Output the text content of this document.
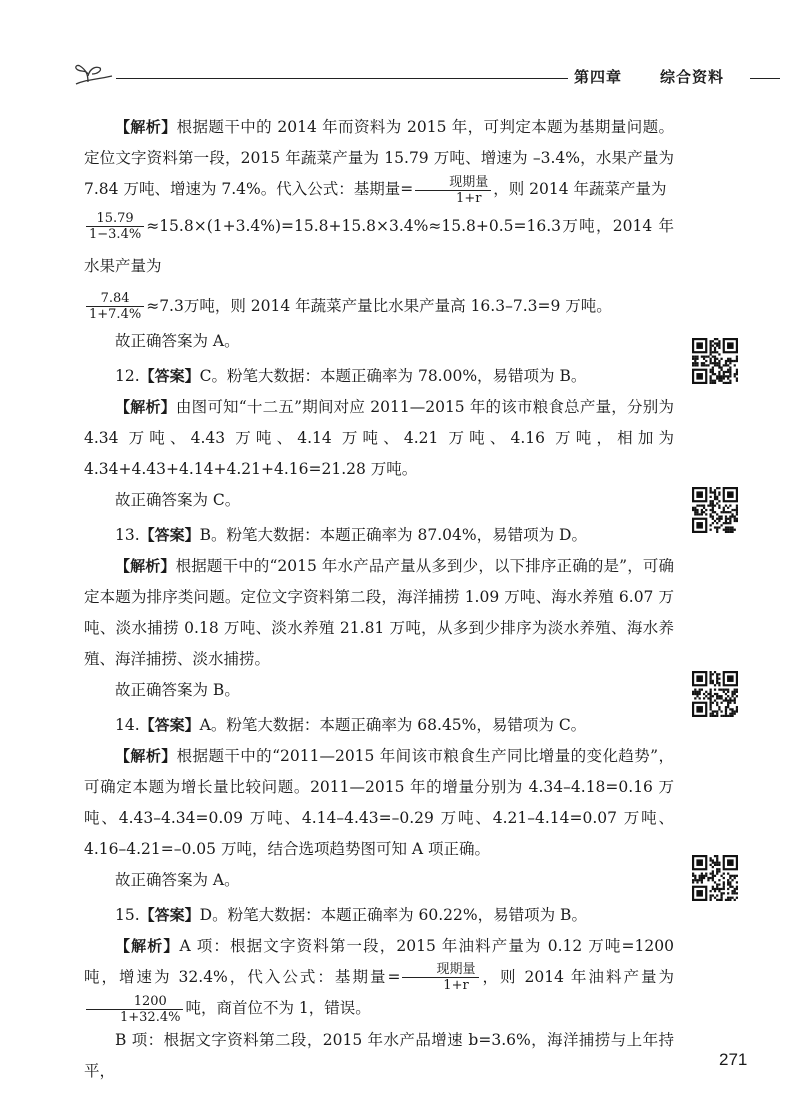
第四章	综合资料

【解析】根据题干中的 2014 年而资料为 2015 年，可判定本题为基期量问题。定位文字资料第一段，2015 年蔬菜产量为 15.79 万吨、增速为 –3.4%，水果产量为 7.84 万吨、增速为 7.4%。代入公式：基期量= $\frac{\text{现期量}}{1+r}$ ，则 2014 年蔬菜产量为

$\frac{15.79}{1-3.4\%} \approx 15.8\times(1+3.4\%)=15.8+15.8\times 3.4\%\approx 15.8+0.5=16.3$万吨，2014 年水果产量为

$\frac{7.84}{1+7.4\%} \approx 7.3$万吨，则 2014 年蔬菜产量比水果产量高 16.3–7.3=9 万吨。

故正确答案为 A。

12.【答案】C。粉笔大数据：本题正确率为 78.00%，易错项为 B。

【解析】由图可知“十二五”期间对应 2011—2015 年的该市粮食总产量，分别为 4.34 万吨、4.43 万吨、4.14 万吨、4.21 万吨、4.16 万吨，相加为 4.34+4.43+4.14+4.21+4.16=21.28 万吨。

故正确答案为 C。

13.【答案】B。粉笔大数据：本题正确率为 87.04%，易错项为 D。

【解析】根据题干中的“2015 年水产品产量从多到少，以下排序正确的是”，可确定本题为排序类问题。定位文字资料第二段，海洋捕捞 1.09 万吨、海水养殖 6.07 万吨、淡水捕捞 0.18 万吨、淡水养殖 21.81 万吨，从多到少排序为淡水养殖、海水养殖、海洋捕捞、淡水捕捞。

故正确答案为 B。

14.【答案】A。粉笔大数据：本题正确率为 68.45%，易错项为 C。

【解析】根据题干中的“2011—2015 年间该市粮食生产同比增量的变化趋势”，可确定本题为增长量比较问题。2011—2015 年的增量分别为 4.34–4.18=0.16 万吨、4.43–4.34=0.09 万吨、4.14–4.43=–0.29 万吨、4.21–4.14=0.07 万吨、4.16–4.21=–0.05 万吨，结合选项趋势图可知 A 项正确。

故正确答案为 A。

15.【答案】D。粉笔大数据：本题正确率为 60.22%，易错项为 B。

【解析】A 项：根据文字资料第一段，2015 年油料产量为 0.12 万吨=1200 吨，增速为 32.4%，代入公式：基期量= $\frac{\text{现期量}}{1+r}$ ，则 2014 年油料产量为
$\frac{1200}{1+32.4\%}$ 吨，商首位不为 1，错误。

B 项：根据文字资料第二段，2015 年水产品增速 b=3.6%，海洋捕捞与上年持平，

271
